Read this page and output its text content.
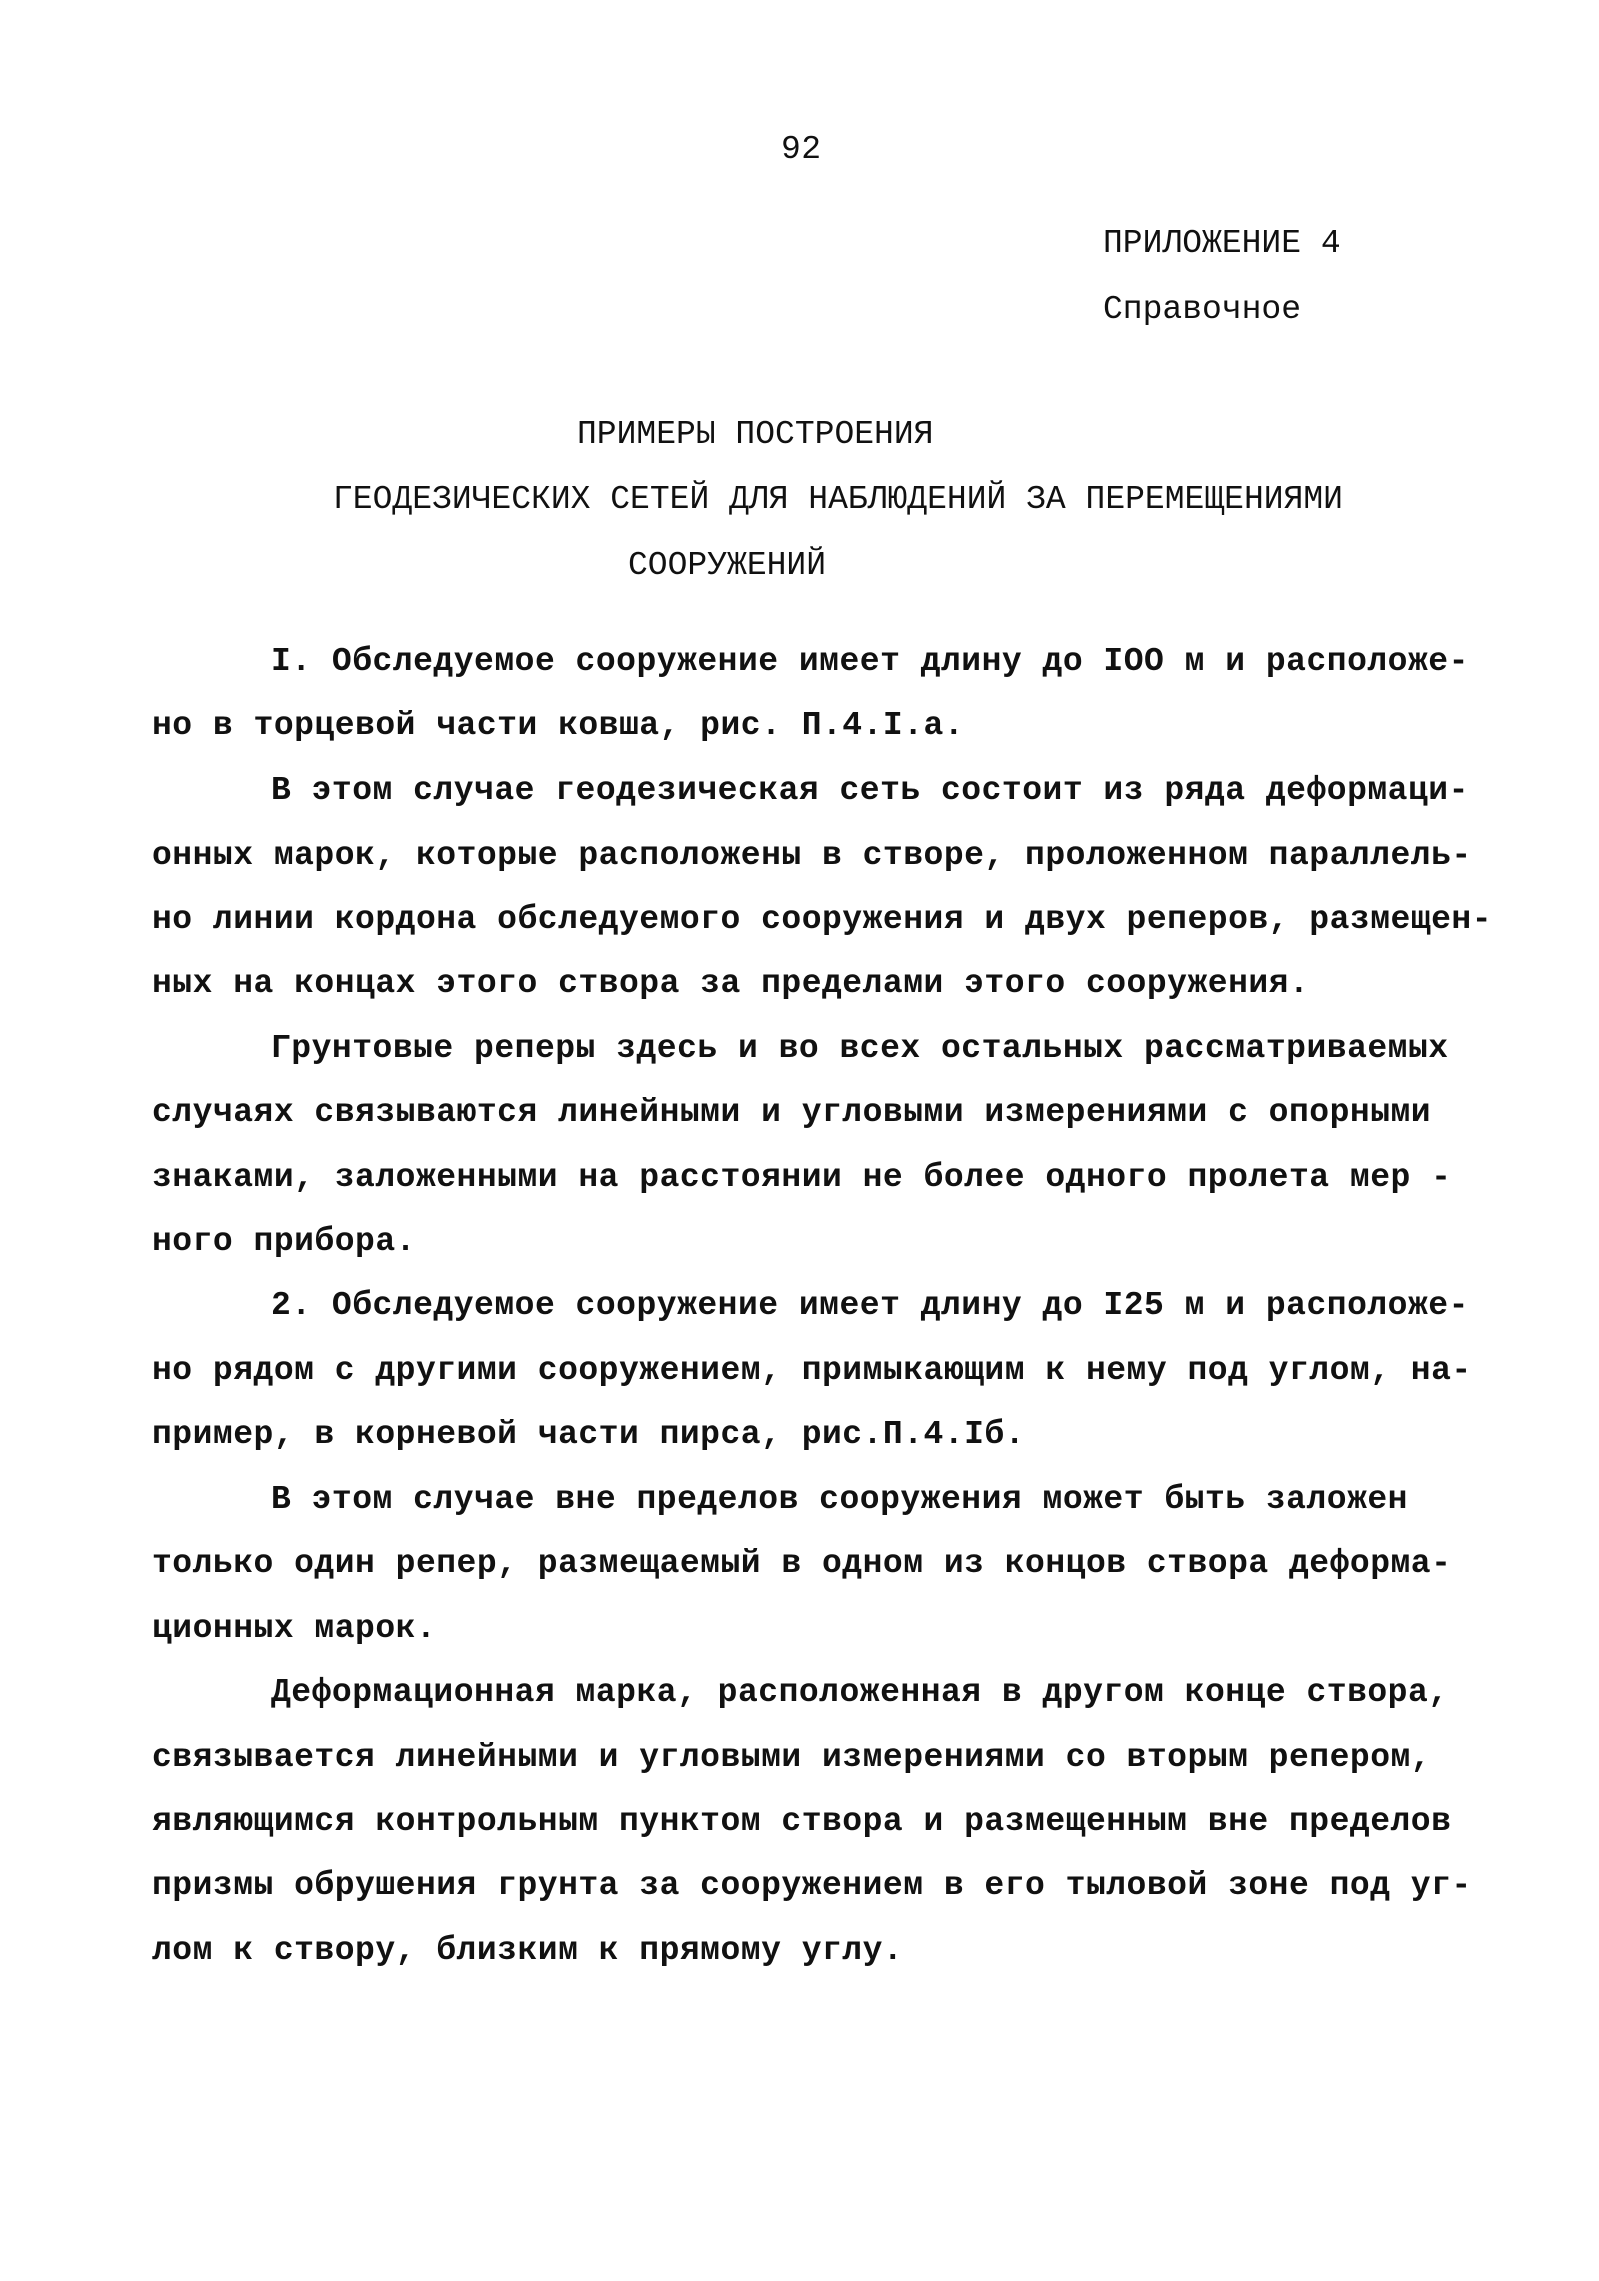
92
ПРИЛОЖЕНИЕ 4
Справочное
ПРИМЕРЫ ПОСТРОЕНИЯ
ГЕОДЕЗИЧЕСКИХ СЕТЕЙ ДЛЯ НАБЛЮДЕНИЙ ЗА ПЕРЕМЕЩЕНИЯМИ
СООРУЖЕНИЙ
I. Обследуемое сооружение имеет длину до IOO м и расположе-
но в торцевой части ковша, рис. П.4.I.а.
В этом случае геодезическая сеть состоит из ряда деформаци-
онных марок, которые расположены в створе, проложенном параллель-
но линии кордона обследуемого сооружения и двух реперов, размещен-
ных на концах этого створа за пределами этого сооружения.
Грунтовые реперы здесь и во всех остальных рассматриваемых
случаях связываются линейными и угловыми измерениями с опорными
знаками, заложенными на расстоянии не более одного пролета мер -
ного прибора.
2. Обследуемое сооружение имеет длину до I25 м и расположе-
но рядом с другими сооружением, примыкающим к нему под углом, на-
пример, в корневой части пирса, рис.П.4.Iб.
В этом случае вне пределов сооружения может быть заложен
только один репер, размещаемый в одном из концов створа деформа-
ционных марок.
Деформационная марка, расположенная в другом конце створа,
связывается линейными и угловыми измерениями со вторым репером,
являющимся контрольным пунктом створа и размещенным вне пределов
призмы обрушения грунта за сооружением в его тыловой зоне под уг-
лом к створу, близким к прямому углу.
